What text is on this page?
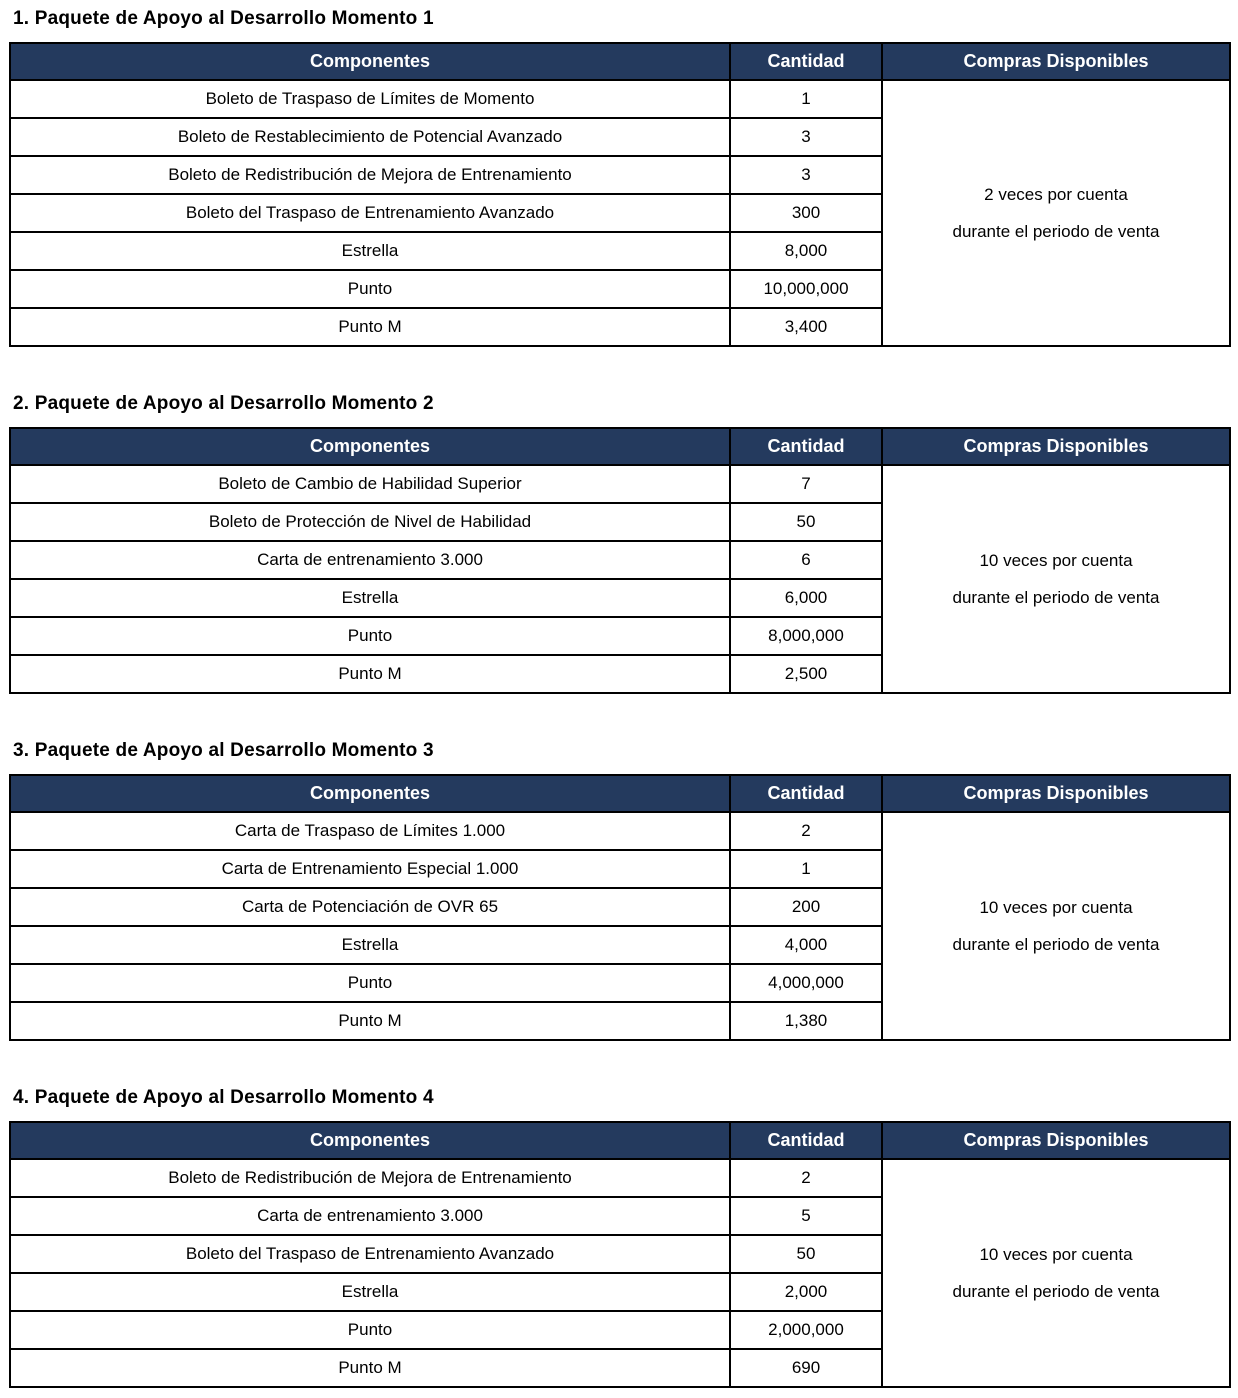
1. Paquete de Apoyo al Desarrollo Momento 1
Componentes	Cantidad	Compras Disponibles
Boleto de Traspaso de Límites de Momento	1	2 veces por cuenta
durante el periodo de venta

Boleto de Restablecimiento de Potencial Avanzado	3	
Boleto de Redistribución de Mejora de Entrenamiento	3	
Boleto del Traspaso de Entrenamiento Avanzado	300	
Estrella	8,000	
Punto	10,000,000	
Punto M	3,400	
2. Paquete de Apoyo al Desarrollo Momento 2
Componentes	Cantidad	Compras Disponibles
Boleto de Cambio de Habilidad Superior	7	10 veces por cuenta
durante el periodo de venta

Boleto de Protección de Nivel de Habilidad	50	
Carta de entrenamiento 3.000	6	
Estrella	6,000	
Punto	8,000,000	
Punto M	2,500	
3. Paquete de Apoyo al Desarrollo Momento 3
Componentes	Cantidad	Compras Disponibles
Carta de Traspaso de Límites 1.000	2	10 veces por cuenta
durante el periodo de venta

Carta de Entrenamiento Especial 1.000	1	
Carta de Potenciación de OVR 65	200	
Estrella	4,000	
Punto	4,000,000	
Punto M	1,380	
4. Paquete de Apoyo al Desarrollo Momento 4
Componentes	Cantidad	Compras Disponibles
Boleto de Redistribución de Mejora de Entrenamiento	2	10 veces por cuenta
durante el periodo de venta

Carta de entrenamiento 3.000	5	
Boleto del Traspaso de Entrenamiento Avanzado	50	
Estrella	2,000	
Punto	2,000,000	
Punto M	690	
